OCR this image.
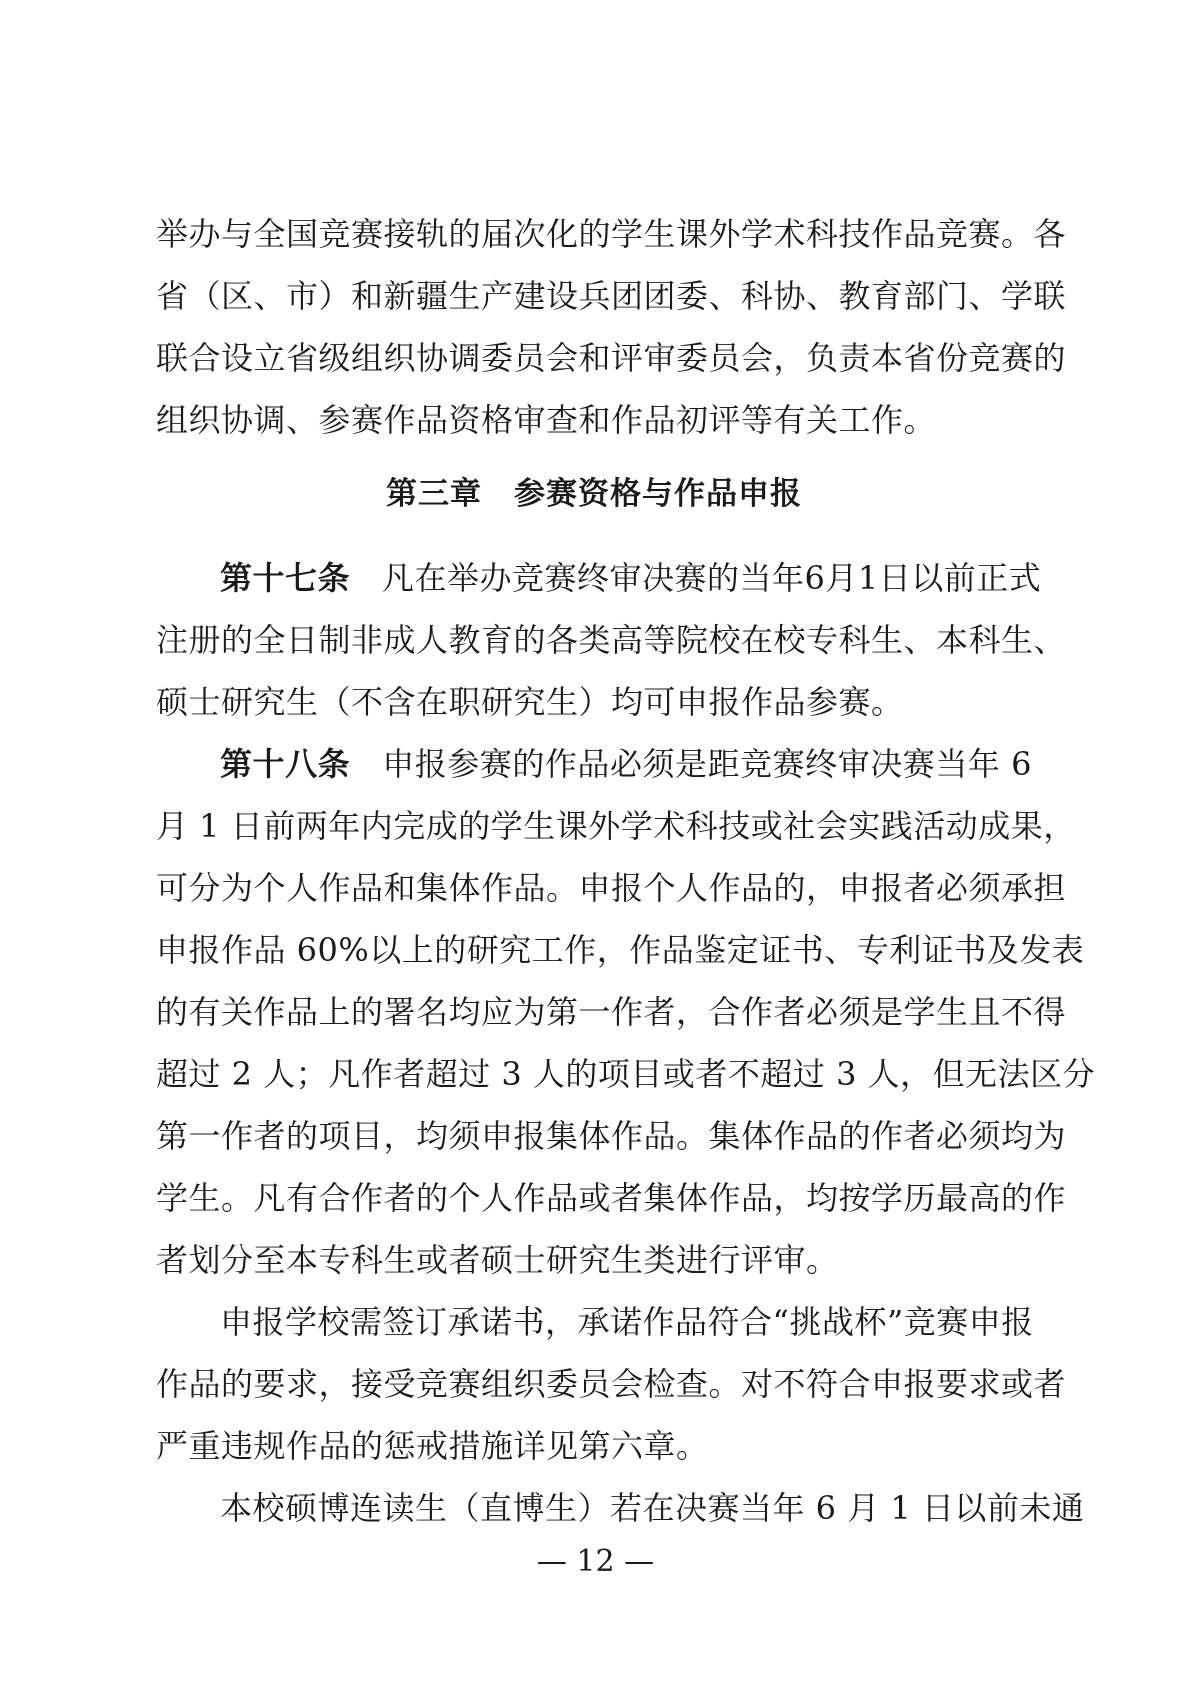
举办与全国竞赛接轨的届次化的学生课外学术科技作品竞赛。各
省（区、市）和新疆生产建设兵团团委、科协、教育部门、学联
联合设立省级组织协调委员会和评审委员会，负责本省份竞赛的
组织协调、参赛作品资格审查和作品初评等有关工作。
第三章　参赛资格与作品申报
第十七条 凡在举办竞赛终审决赛的当年6月1日以前正式
注册的全日制非成人教育的各类高等院校在校专科生、本科生、
硕士研究生（不含在职研究生）均可申报作品参赛。
第十八条 申报参赛的作品必须是距竞赛终审决赛当年 6
月 1 日前两年内完成的学生课外学术科技或社会实践活动成果，
可分为个人作品和集体作品。申报个人作品的，申报者必须承担
申报作品 60%以上的研究工作，作品鉴定证书、专利证书及发表
的有关作品上的署名均应为第一作者，合作者必须是学生且不得
超过 2 人；凡作者超过 3 人的项目或者不超过 3 人，但无法区分
第一作者的项目，均须申报集体作品。集体作品的作者必须均为
学生。凡有合作者的个人作品或者集体作品，均按学历最高的作
者划分至本专科生或者硕士研究生类进行评审。
申报学校需签订承诺书，承诺作品符合“挑战杯”竞赛申报
作品的要求，接受竞赛组织委员会检查。对不符合申报要求或者
严重违规作品的惩戒措施详见第六章。
本校硕博连读生（直博生）若在决赛当年 6 月 1 日以前未通
— 12 —
